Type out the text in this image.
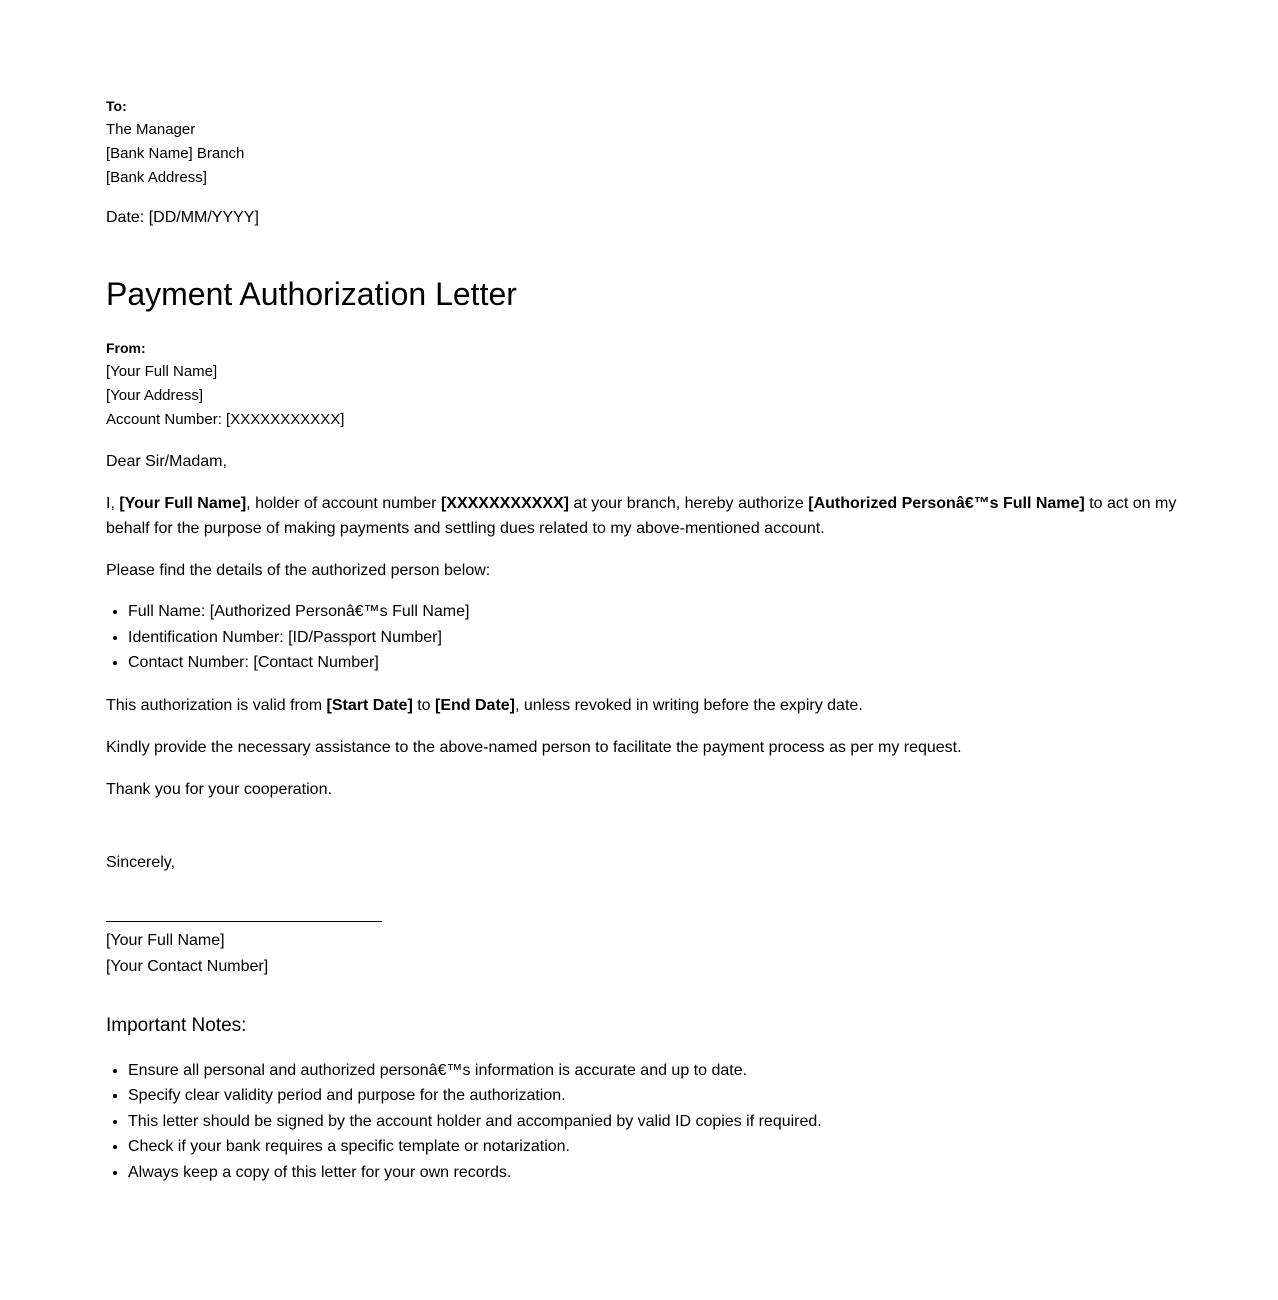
To:
The Manager
[Bank Name] Branch
[Bank Address]
Date: [DD/MM/YYYY]
Payment Authorization Letter
From:
[Your Full Name]
[Your Address]
Account Number: [XXXXXXXXXXX]

Dear Sir/Madam,

I, [Your Full Name], holder of account number [XXXXXXXXXXX] at your branch, hereby authorize [Authorized Personâ€™s Full Name] to act on my behalf for the purpose of making payments and settling dues related to my above-mentioned account.

Please find the details of the authorized person below:

• Full Name: [Authorized Personâ€™s Full Name]
• Identification Number: [ID/Passport Number]
• Contact Number: [Contact Number]

This authorization is valid from [Start Date] to [End Date], unless revoked in writing before the expiry date.

Kindly provide the necessary assistance to the above-named person to facilitate the payment process as per my request.

Thank you for your cooperation.

Sincerely,

[Your Full Name]
[Your Contact Number]
Important Notes:
• Ensure all personal and authorized personâ€™s information is accurate and up to date.
• Specify clear validity period and purpose for the authorization.
• This letter should be signed by the account holder and accompanied by valid ID copies if required.
• Check if your bank requires a specific template or notarization.
• Always keep a copy of this letter for your own records.
